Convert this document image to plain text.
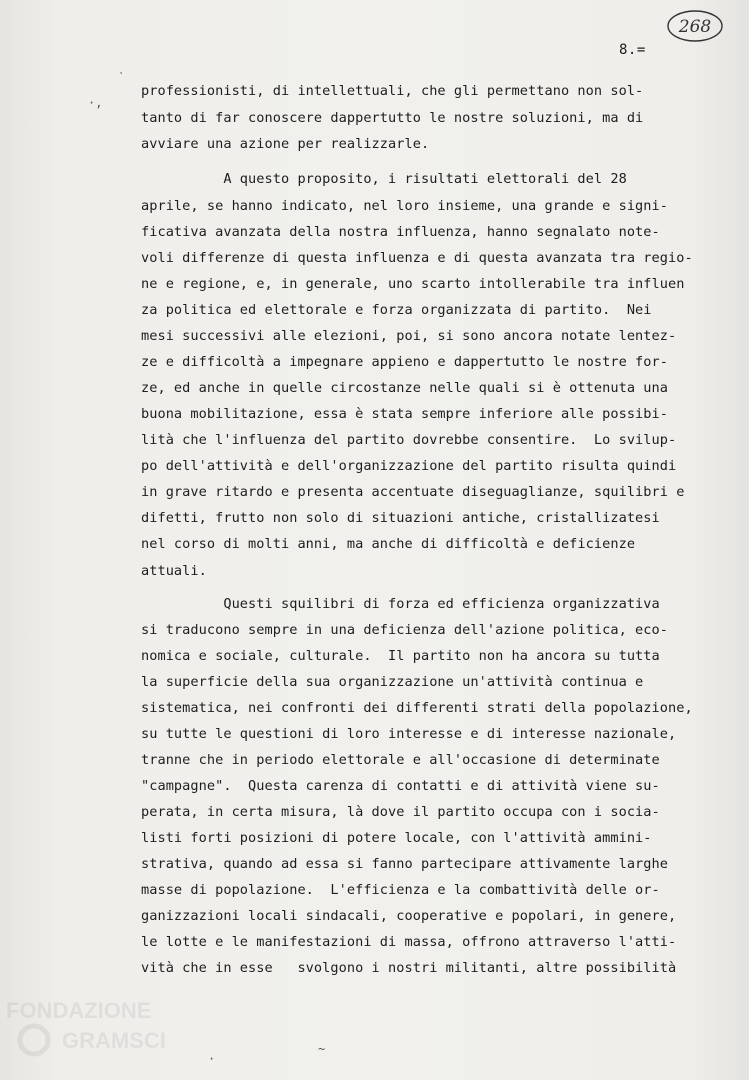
268
8.=
ˋ
·,
professionisti, di intellettuali, che gli permettano non sol-
tanto di far conoscere dappertutto le nostre soluzioni, ma di
avviare una azione per realizzarle.
A questo proposito, i risultati elettorali del 28
aprile, se hanno indicato, nel loro insieme, una grande e signi-
ficativa avanzata della nostra influenza, hanno segnalato note-
voli differenze di questa influenza e di questa avanzata tra regio-
ne e regione, e, in generale, uno scarto intollerabile tra influen
za politica ed elettorale e forza organizzata di partito.  Nei
mesi successivi alle elezioni, poi, si sono ancora notate lentez-
ze e difficoltà a impegnare appieno e dappertutto le nostre for-
ze, ed anche in quelle circostanze nelle quali si è ottenuta una
buona mobilitazione, essa è stata sempre inferiore alle possibi-
lità che l'influenza del partito dovrebbe consentire.  Lo svilup-
po dell'attività e dell'organizzazione del partito risulta quindi
in grave ritardo e presenta accentuate diseguaglianze, squilibri e
difetti, frutto non solo di situazioni antiche, cristallizatesi
nel corso di molti anni, ma anche di difficoltà e deficienze
attuali.
Questi squilibri di forza ed efficienza organizzativa
si traducono sempre in una deficienza dell'azione politica, eco-
nomica e sociale, culturale.  Il partito non ha ancora su tutta
la superficie della sua organizzazione un'attività continua e
sistematica, nei confronti dei differenti strati della popolazione,
su tutte le questioni di loro interesse e di interesse nazionale,
tranne che in periodo elettorale e all'occasione di determinate
"campagne".  Questa carenza di contatti e di attività viene su-
perata, in certa misura, là dove il partito occupa con i socia-
listi forti posizioni di potere locale, con l'attività ammini-
strativa, quando ad essa si fanno partecipare attivamente larghe
masse di popolazione.  L'efficienza e la combattività delle or-
ganizzazioni locali sindacali, cooperative e popolari, in genere,
le lotte e le manifestazioni di massa, offrono attraverso l'atti-
vità che in esse   svolgono i nostri militanti, altre possibilità
FONDAZIONE
GRAMSCI	~
·
